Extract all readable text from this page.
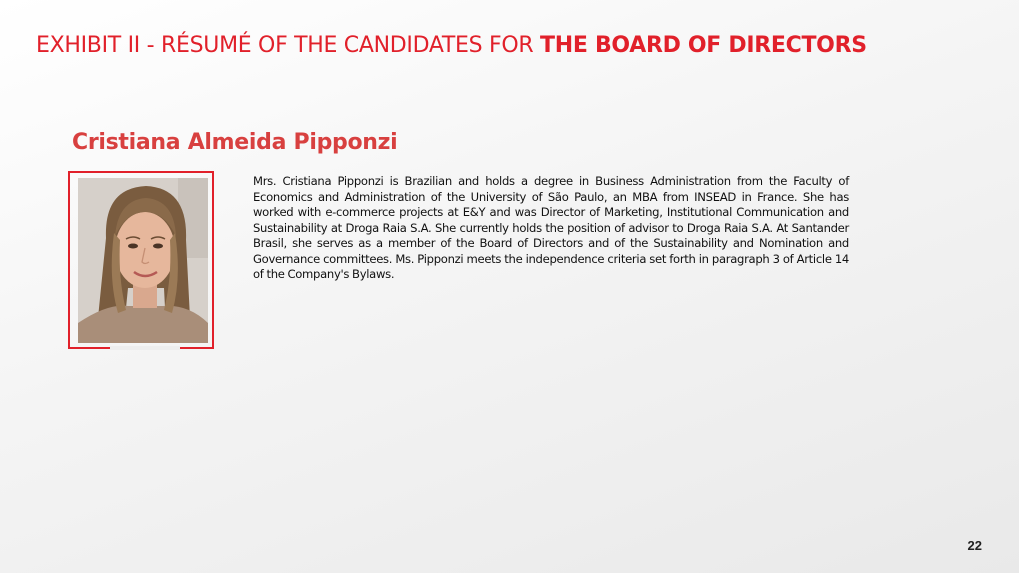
EXHIBIT II - RÉSUMÉ OF THE CANDIDATES FOR THE BOARD OF DIRECTORS
Cristiana Almeida Pipponzi
Mrs. Cristiana Pipponzi is Brazilian and holds a degree in Business Administration from the Faculty of Economics and Administration of the University of São Paulo, an MBA from INSEAD in France. She has worked with e-commerce projects at E&Y and was Director of Marketing, Institutional Communication and Sustainability at Droga Raia S.A. She currently holds the position of advisor to Droga Raia S.A. At Santander Brasil, she serves as a member of the Board of Directors and of the Sustainability and Nomination and Governance committees. Ms. Pipponzi meets the independence criteria set forth in paragraph 3 of Article 14 of the Company's Bylaws.
22
